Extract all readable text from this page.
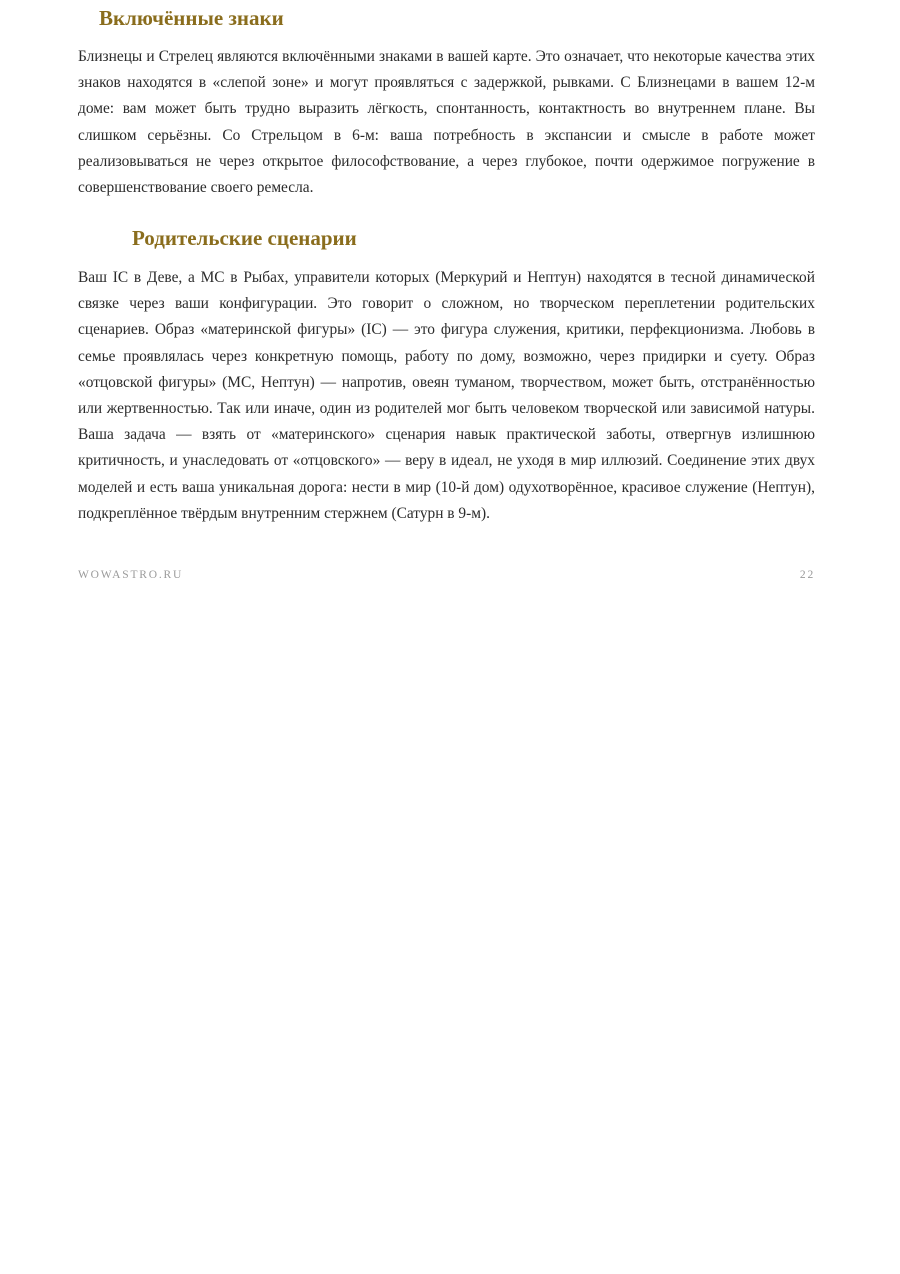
Включённые знаки

Близнецы и Стрелец являются включёнными знаками в вашей карте. Это означает, что некоторые качества этих знаков находятся в «слепой зоне» и могут проявляться с задержкой, рывками. С Близнецами в вашем 12-м доме: вам может быть трудно выразить лёгкость, спонтанность, контактность во внутреннем плане. Вы слишком серьёзны. Со Стрельцом в 6-м: ваша потребность в экспансии и смысле в работе может реализовываться не через открытое философствование, а через глубокое, почти одержимое погружение в совершенствование своего ремесла.

Родительские сценарии

Ваш IC в Деве, а MC в Рыбах, управители которых (Меркурий и Нептун) находятся в тесной динамической связке через ваши конфигурации. Это говорит о сложном, но творческом переплетении родительских сценариев. Образ «материнской фигуры» (IC) — это фигура служения, критики, перфекционизма. Любовь в семье проявлялась через конкретную помощь, работу по дому, возможно, через придирки и суету. Образ «отцовской фигуры» (MC, Нептун) — напротив, овеян туманом, творчеством, может быть, отстранённостью или жертвенностью. Так или иначе, один из родителей мог быть человеком творческой или зависимой натуры. Ваша задача — взять от «материнского» сценария навык практической заботы, отвергнув излишнюю критичность, и унаследовать от «отцовского» — веру в идеал, не уходя в мир иллюзий. Соединение этих двух моделей и есть ваша уникальная дорога: нести в мир (10-й дом) одухотворённое, красивое служение (Нептун), подкреплённое твёрдым внутренним стержнем (Сатурн в 9-м).

WOWASTRO.RU	22
